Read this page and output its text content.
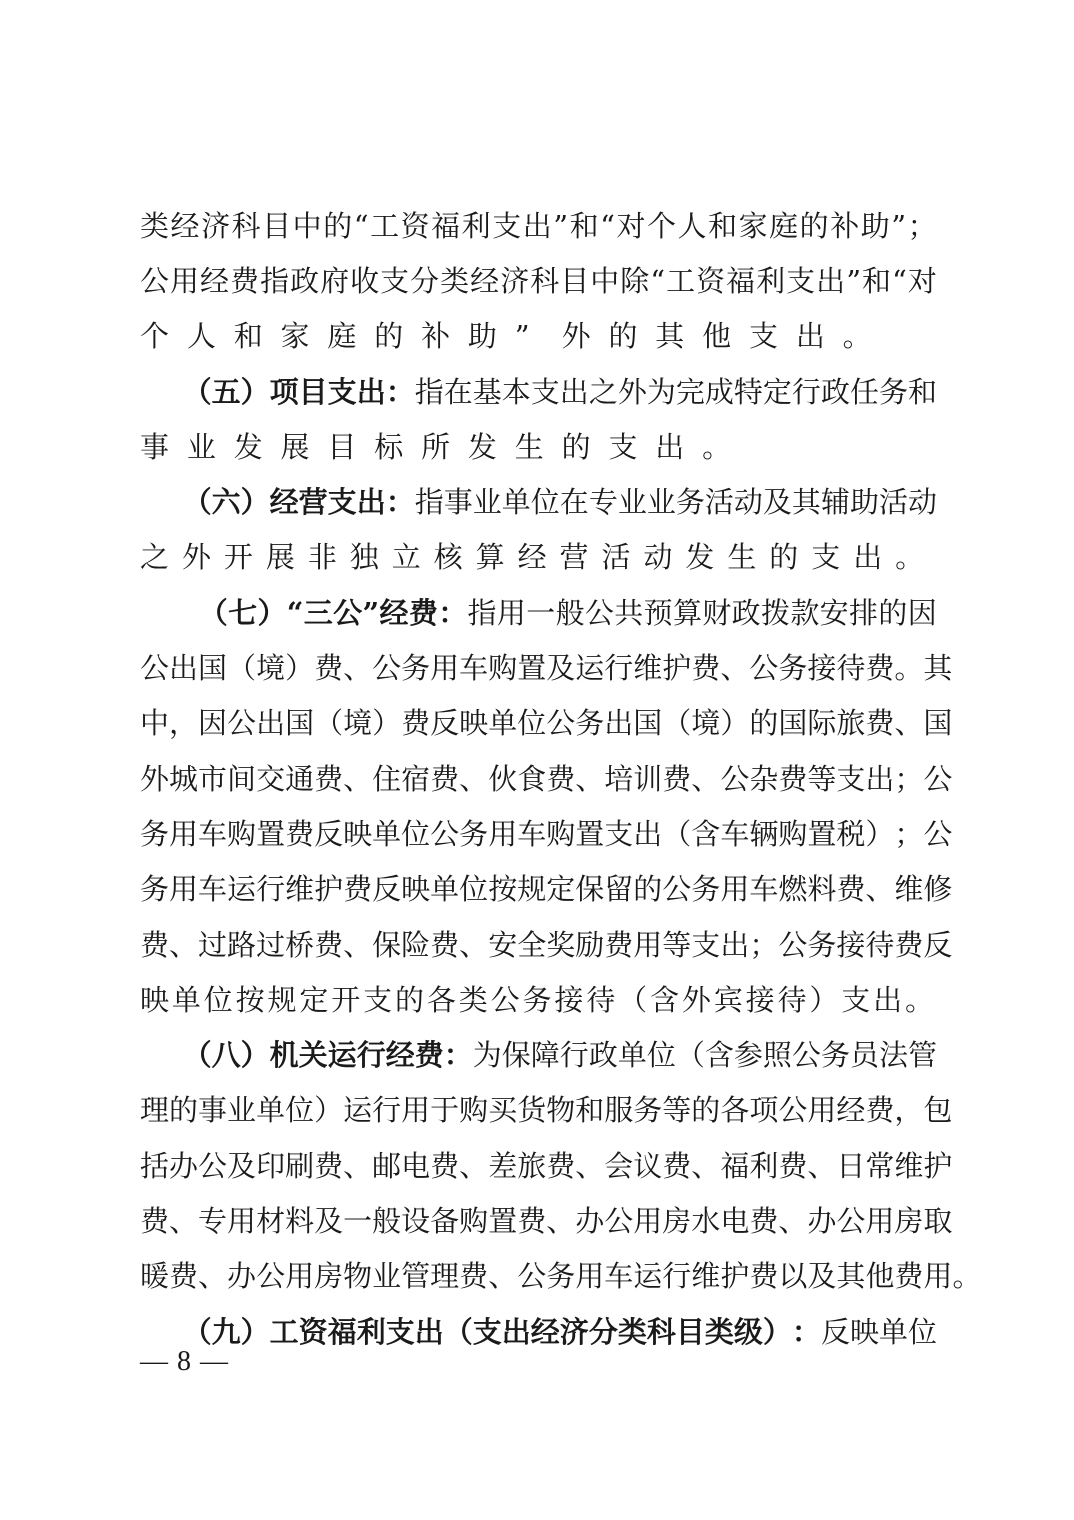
类 经 济 科 目 中 的 “ 工 资 福 利 支 出 ” 和 “ 对 个 人 和 家 庭 的 补 助 ” ；
公 用 经 费 指 政 府 收 支 分 类 经 济 科 目 中 除 “ 工 资 福 利 支 出 ” 和 “ 对
个 人 和 家 庭 的 补 助 ”	外 的 其 他 支 出 。
（ 五 ） 项 目 支 出 ： 指 在 基 本 支 出 之 外 为 完 成 特 定 行 政 任 务 和
事 业 发 展 目 标 所 发 生 的 支 出 。
（ 六 ） 经 营 支 出 ： 指 事 业 单 位 在 专 业 业 务 活 动 及 其 辅 助 活 动
之 外 开 展 非 独 立 核 算 经 营 活 动 发 生 的 支 出 。
（ 七 ） “ 三 公 ” 经 费 ： 指 用 一 般 公 共 预 算 财 政 拨 款 安 排 的 因
公 出 国 （ 境 ） 费 、 公 务 用 车 购 置 及 运 行 维 护 费 、 公 务 接 待 费 。 其
中 ， 因 公 出 国 （ 境 ） 费 反 映 单 位 公 务 出 国 （ 境 ） 的 国 际 旅 费 、 国
外 城 市 间 交 通 费 、 住 宿 费 、 伙 食 费 、 培 训 费 、 公 杂 费 等 支 出 ； 公
务 用 车 购 置 费 反 映 单 位 公 务 用 车 购 置 支 出 （ 含 车 辆 购 置 税 ） ； 公
务 用 车 运 行 维 护 费 反 映 单 位 按 规 定 保 留 的 公 务 用 车 燃 料 费 、 维 修
费 、 过 路 过 桥 费 、 保 险 费 、 安 全 奖 励 费 用 等 支 出 ； 公 务 接 待 费 反
映 单 位 按 规 定 开 支 的 各 类 公 务 接 待 （ 含 外 宾 接 待 ） 支 出 。
（ 八 ） 机 关 运 行 经 费 ： 为 保 障 行 政 单 位 （ 含 参 照 公 务 员 法 管
理 的 事 业 单 位 ） 运 行 用 于 购 买 货 物 和 服 务 等 的 各 项 公 用 经 费 ， 包
括 办 公 及 印 刷 费 、 邮 电 费 、 差 旅 费 、 会 议 费 、 福 利 费 、 日 常 维 护
费 、 专 用 材 料 及 一 般 设 备 购 置 费 、 办 公 用 房 水 电 费 、 办 公 用 房 取
暖 费 、 办 公 用 房 物 业 管 理 费 、 公 务 用 车 运 行 维 护 费 以 及 其 他 费 用 。
（ 九 ） 工 资 福 利 支 出 （ 支 出 经 济 分 类 科 目 类 级 ） ： 反 映 单 位
— 8 —
